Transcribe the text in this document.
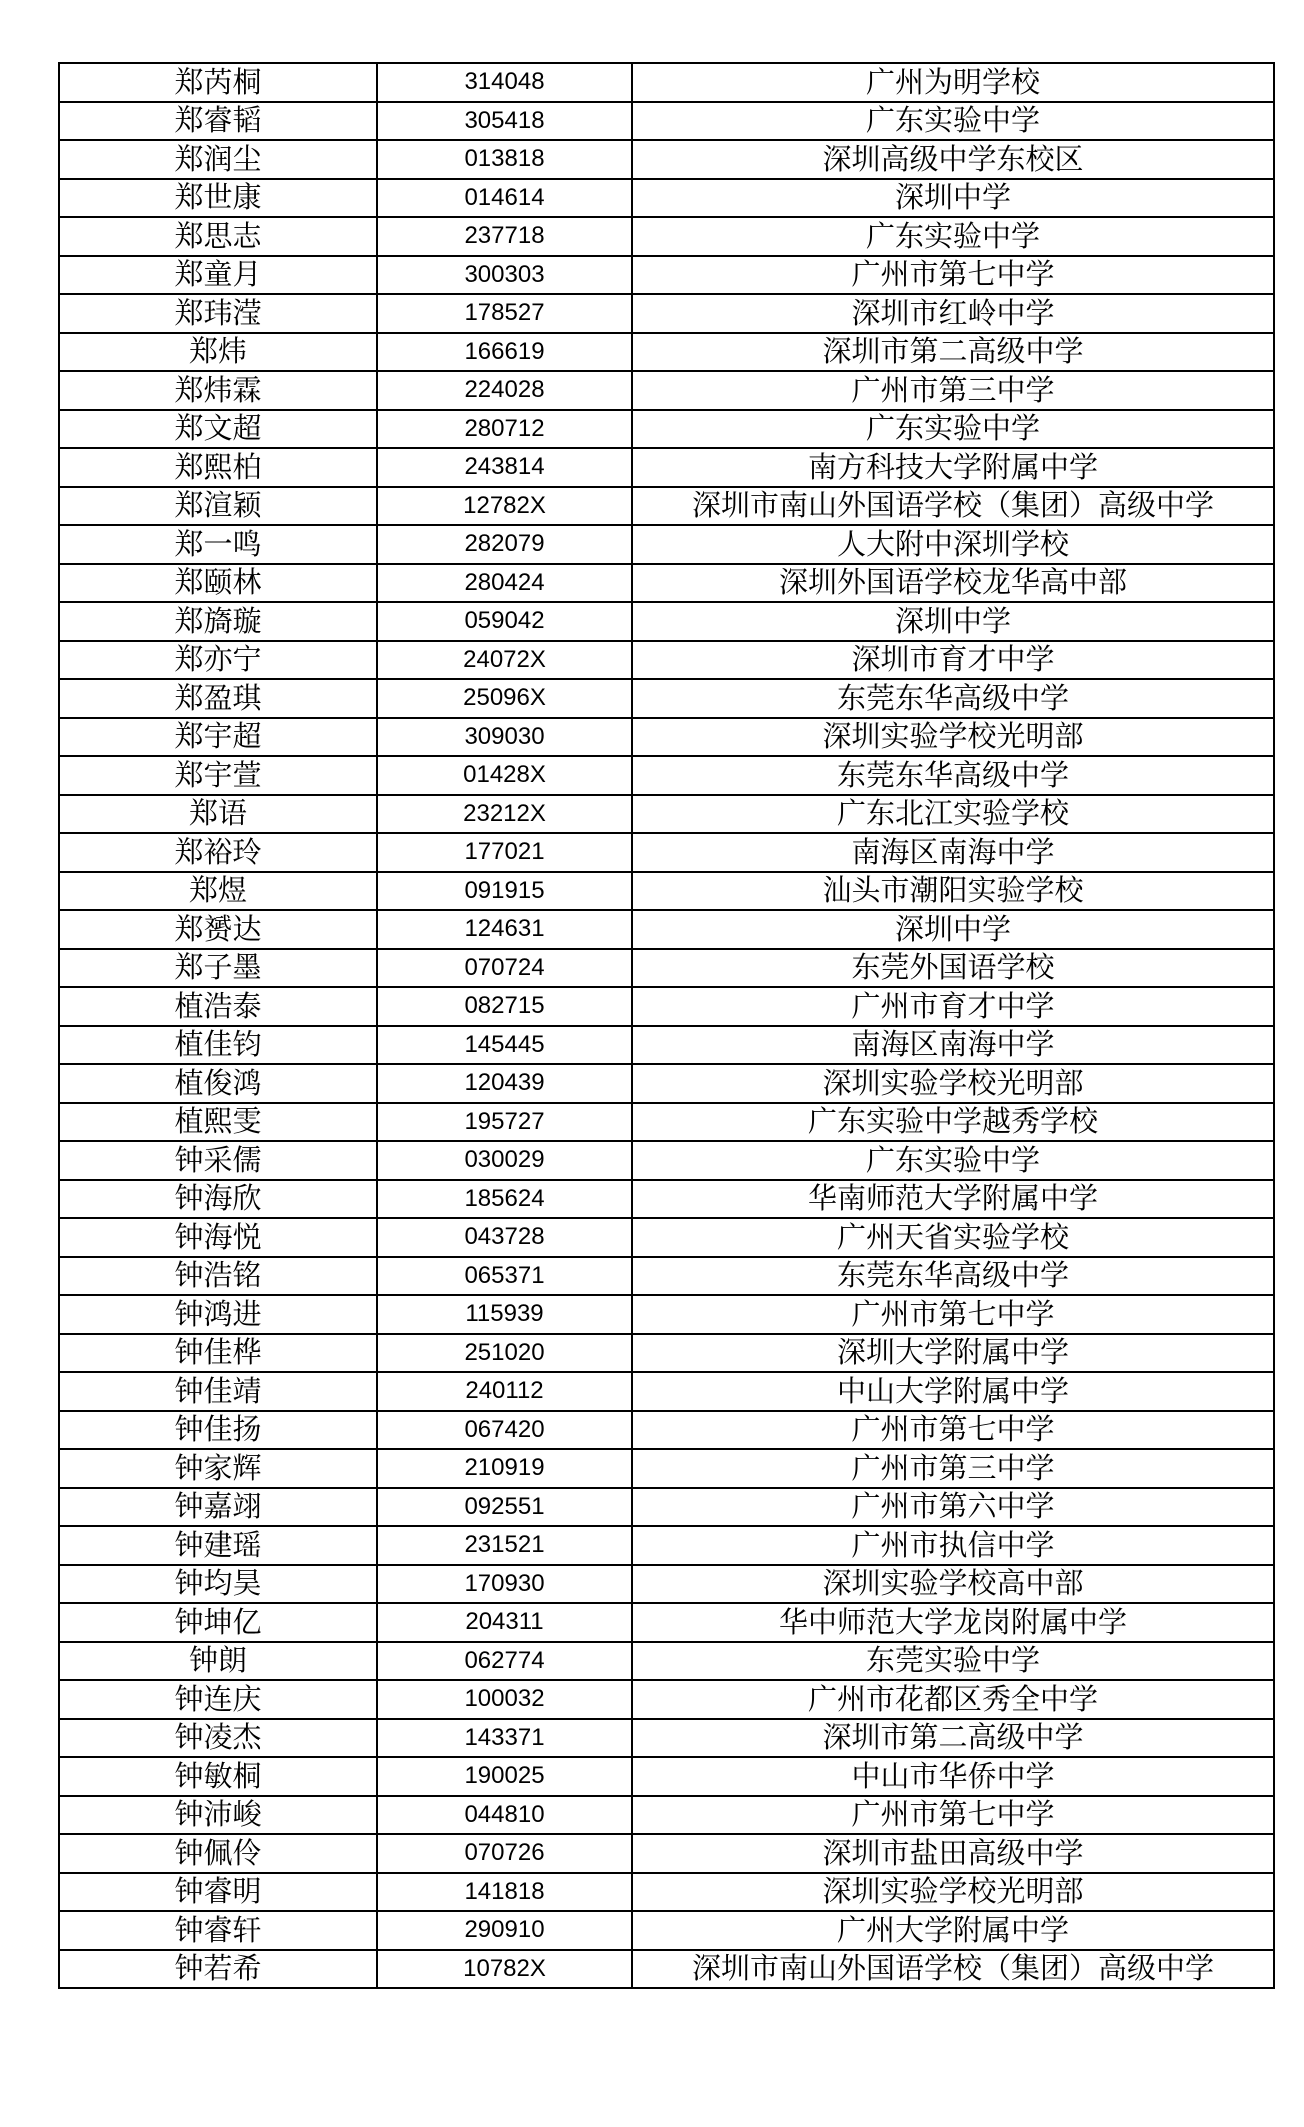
郑芮桐	314048	广州为明学校
郑睿韬	305418	广东实验中学
郑润尘	013818	深圳高级中学东校区
郑世康	014614	深圳中学
郑思志	237718	广东实验中学
郑童月	300303	广州市第七中学
郑玮滢	178527	深圳市红岭中学
郑炜	166619	深圳市第二高级中学
郑炜霖	224028	广州市第三中学
郑文超	280712	广东实验中学
郑熙柏	243814	南方科技大学附属中学
郑渲颖	12782X	深圳市南山外国语学校（集团）高级中学
郑一鸣	282079	人大附中深圳学校
郑颐林	280424	深圳外国语学校龙华高中部
郑旖璇	059042	深圳中学
郑亦宁	24072X	深圳市育才中学
郑盈琪	25096X	东莞东华高级中学
郑宇超	309030	深圳实验学校光明部
郑宇萱	01428X	东莞东华高级中学
郑语	23212X	广东北江实验学校
郑裕玲	177021	南海区南海中学
郑煜	091915	汕头市潮阳实验学校
郑赟达	124631	深圳中学
郑子墨	070724	东莞外国语学校
植浩泰	082715	广州市育才中学
植佳钧	145445	南海区南海中学
植俊鸿	120439	深圳实验学校光明部
植熙雯	195727	广东实验中学越秀学校
钟采儒	030029	广东实验中学
钟海欣	185624	华南师范大学附属中学
钟海悦	043728	广州天省实验学校
钟浩铭	065371	东莞东华高级中学
钟鸿进	115939	广州市第七中学
钟佳桦	251020	深圳大学附属中学
钟佳靖	240112	中山大学附属中学
钟佳扬	067420	广州市第七中学
钟家辉	210919	广州市第三中学
钟嘉翊	092551	广州市第六中学
钟建瑶	231521	广州市执信中学
钟均昊	170930	深圳实验学校高中部
钟坤亿	204311	华中师范大学龙岗附属中学
钟朗	062774	东莞实验中学
钟连庆	100032	广州市花都区秀全中学
钟凌杰	143371	深圳市第二高级中学
钟敏桐	190025	中山市华侨中学
钟沛峻	044810	广州市第七中学
钟佩伶	070726	深圳市盐田高级中学
钟睿明	141818	深圳实验学校光明部
钟睿轩	290910	广州大学附属中学
钟若希	10782X	深圳市南山外国语学校（集团）高级中学
